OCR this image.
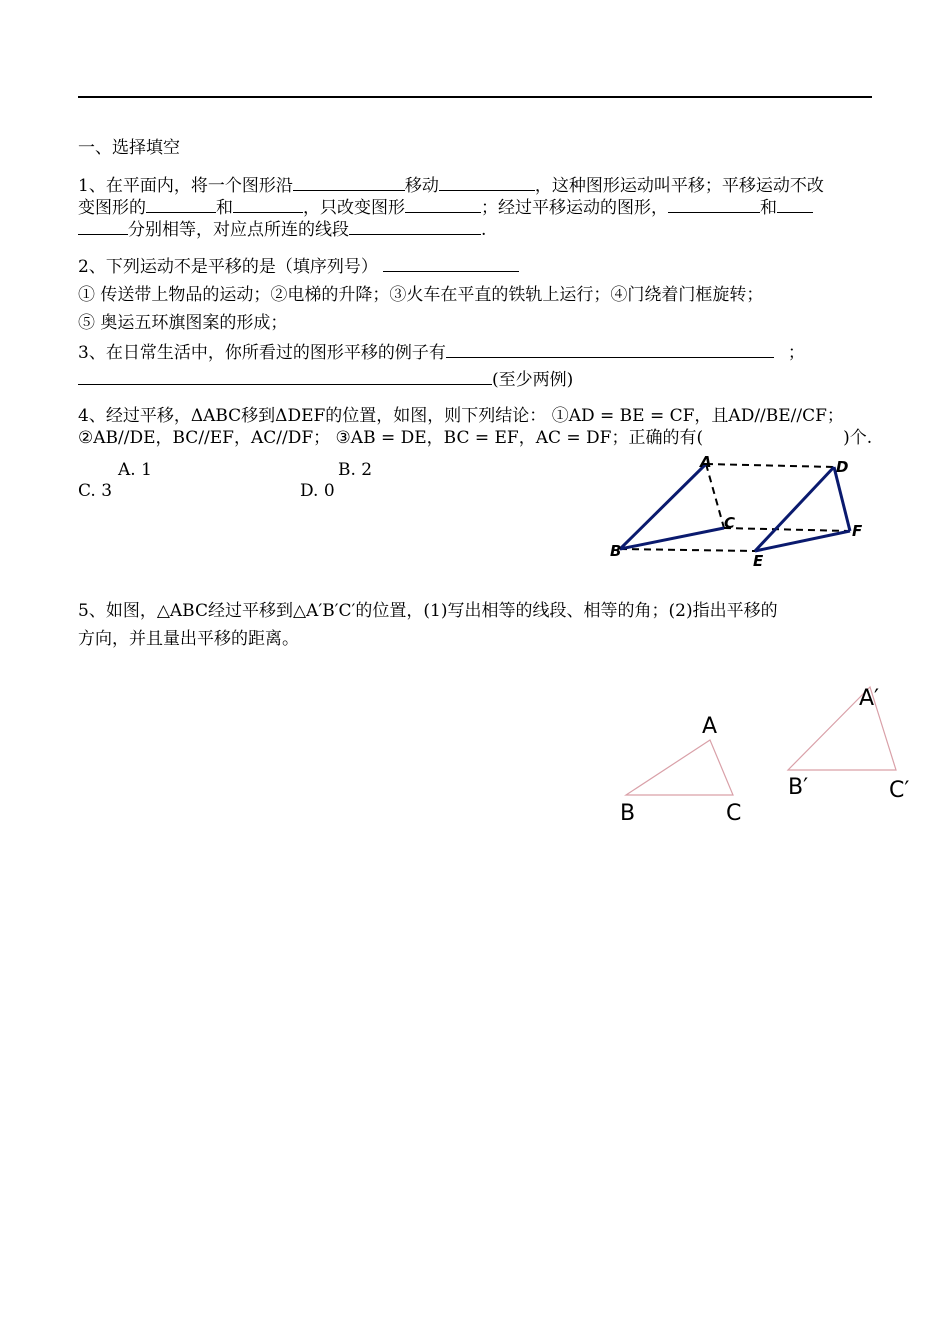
一、选择填空
1、在平面内，将一个图形沿	移动	，这种图形运动叫平移；平移运动不改
变图形的	和	，只改变图形	；经过平移运动的图形，	和
分别相等，对应点所连的线段	.
2、下列运动不是平移的是（填序列号）
① 传送带上物品的运动；②电梯的升降；③火车在平直的铁轨上运行；④门绕着门框旋转；
⑤ 奥运五环旗图案的形成；
3、在日常生活中，你所看过的图形平移的例子有	；
(至少两例)
4、经过平移，ΔABC移到ΔDEF的位置，如图，则下列结论： ①AD = BE = CF，且AD//BE//CF；
②AB//DE，BC//EF，AC//DF； ③AB = DE，BC = EF，AC = DF；正确的有(	)个.
A. 1	B. 2
C. 3	D. 0
A	D
C	F
B
E
5、如图，△ABC经过平移到△A′B′C′的位置，(1)写出相等的线段、相等的角；(2)指出平移的
方向，并且量出平移的距离。
A
B	C
A′
B′	C′
